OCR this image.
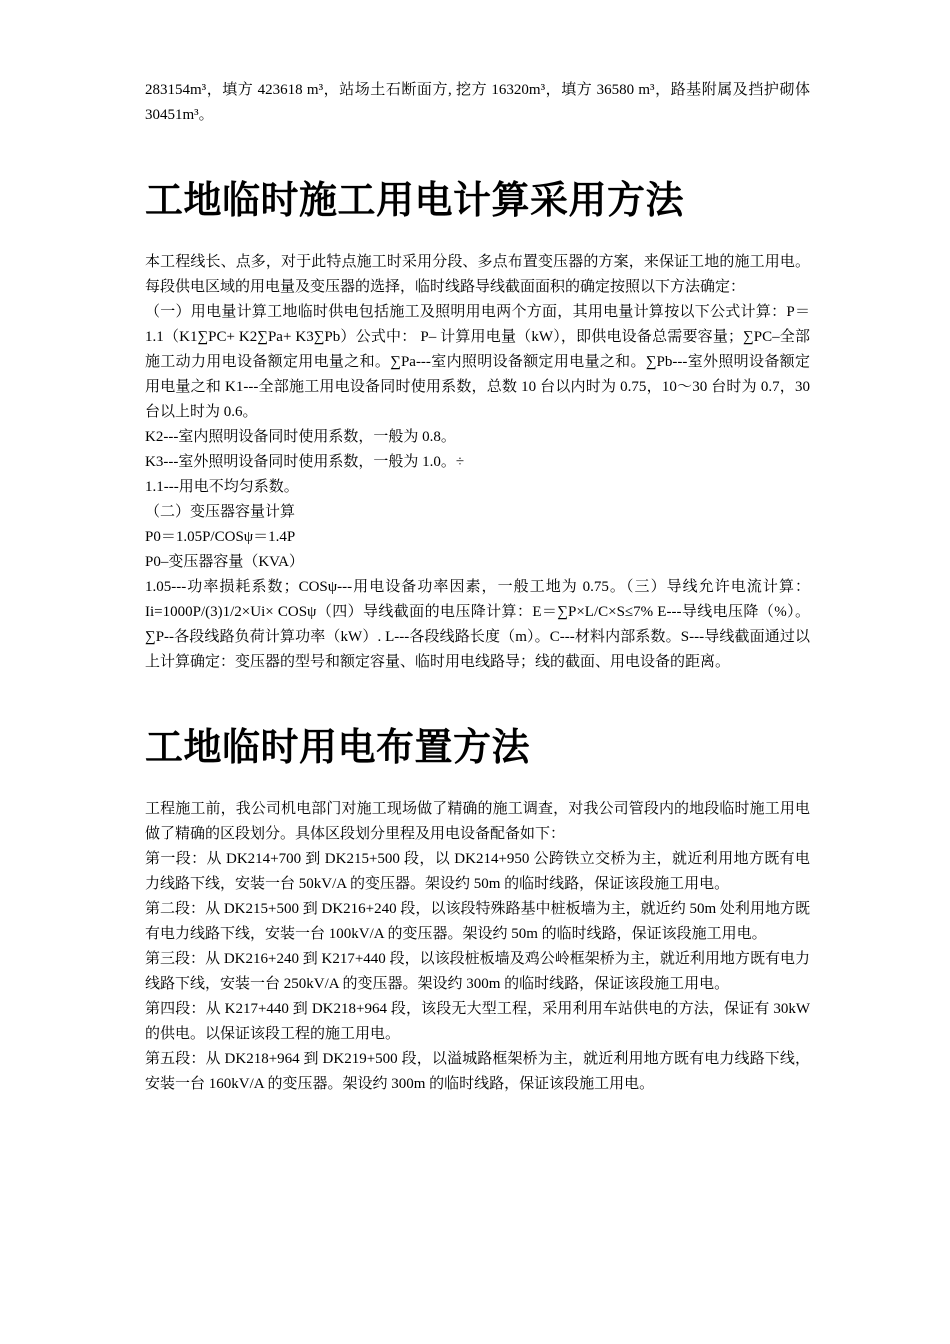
283154m³，填方 423618 m³，站场土石断面方, 挖方 16320m³，填方 36580 m³，路基附属及挡护砌体 30451m³。

工地临时施工用电计算采用方法

本工程线长、点多，对于此特点施工时采用分段、多点布置变压器的方案，来保证工地的施工用电。每段供电区域的用电量及变压器的选择，临时线路导线截面面积的确定按照以下方法确定：

（一）用电量计算工地临时供电包括施工及照明用电两个方面，其用电量计算按以下公式计算：P＝1.1（K1∑PC+ K2∑Pa+ K3∑Pb）公式中： P– 计算用电量（kW），即供电设备总需要容量；∑PC–全部施工动力用电设备额定用电量之和。∑Pa---室内照明设备额定用电量之和。∑Pb---室外照明设备额定用电量之和 K1---全部施工用电设备同时使用系数，总数 10 台以内时为 0.75，10～30 台时为 0.7，30 台以上时为 0.6。

K2---室内照明设备同时使用系数，一般为 0.8。

K3---室外照明设备同时使用系数，一般为 1.0。÷

1.1---用电不均匀系数。

（二）变压器容量计算

P0＝1.05P/COSψ＝1.4P

P0–变压器容量（KVA）

1.05---功率损耗系数；COSψ---用电设备功率因素，一般工地为 0.75。（三）导线允许电流计算：Ii=1000P/(3)1/2×Ui× COSψ（四）导线截面的电压降计算：E＝∑P×L/C×S≤7% E---导线电压降（%）。∑P--各段线路负荷计算功率（kW）. L---各段线路长度（m）。C---材料内部系数。S---导线截面通过以上计算确定：变压器的型号和额定容量、临时用电线路导；线的截面、用电设备的距离。

工地临时用电布置方法

工程施工前，我公司机电部门对施工现场做了精确的施工调查，对我公司管段内的地段临时施工用电做了精确的区段划分。具体区段划分里程及用电设备配备如下：

第一段：从 DK214+700 到 DK215+500 段，以 DK214+950 公跨铁立交桥为主，就近利用地方既有电力线路下线，安装一台 50kV/A 的变压器。架设约 50m 的临时线路，保证该段施工用电。

第二段：从 DK215+500 到 DK216+240 段，以该段特殊路基中桩板墙为主，就近约 50m 处利用地方既有电力线路下线，安装一台 100kV/A 的变压器。架设约 50m 的临时线路，保证该段施工用电。

第三段：从 DK216+240 到 K217+440 段，以该段桩板墙及鸡公岭框架桥为主，就近利用地方既有电力线路下线，安装一台 250kV/A 的变压器。架设约 300m 的临时线路，保证该段施工用电。

第四段：从 K217+440 到 DK218+964 段，该段无大型工程，采用利用车站供电的方法，保证有 30kW 的供电。以保证该段工程的施工用电。

第五段：从 DK218+964 到 DK219+500 段，以溢城路框架桥为主，就近利用地方既有电力线路下线，安装一台 160kV/A 的变压器。架设约 300m 的临时线路，保证该段施工用电。
